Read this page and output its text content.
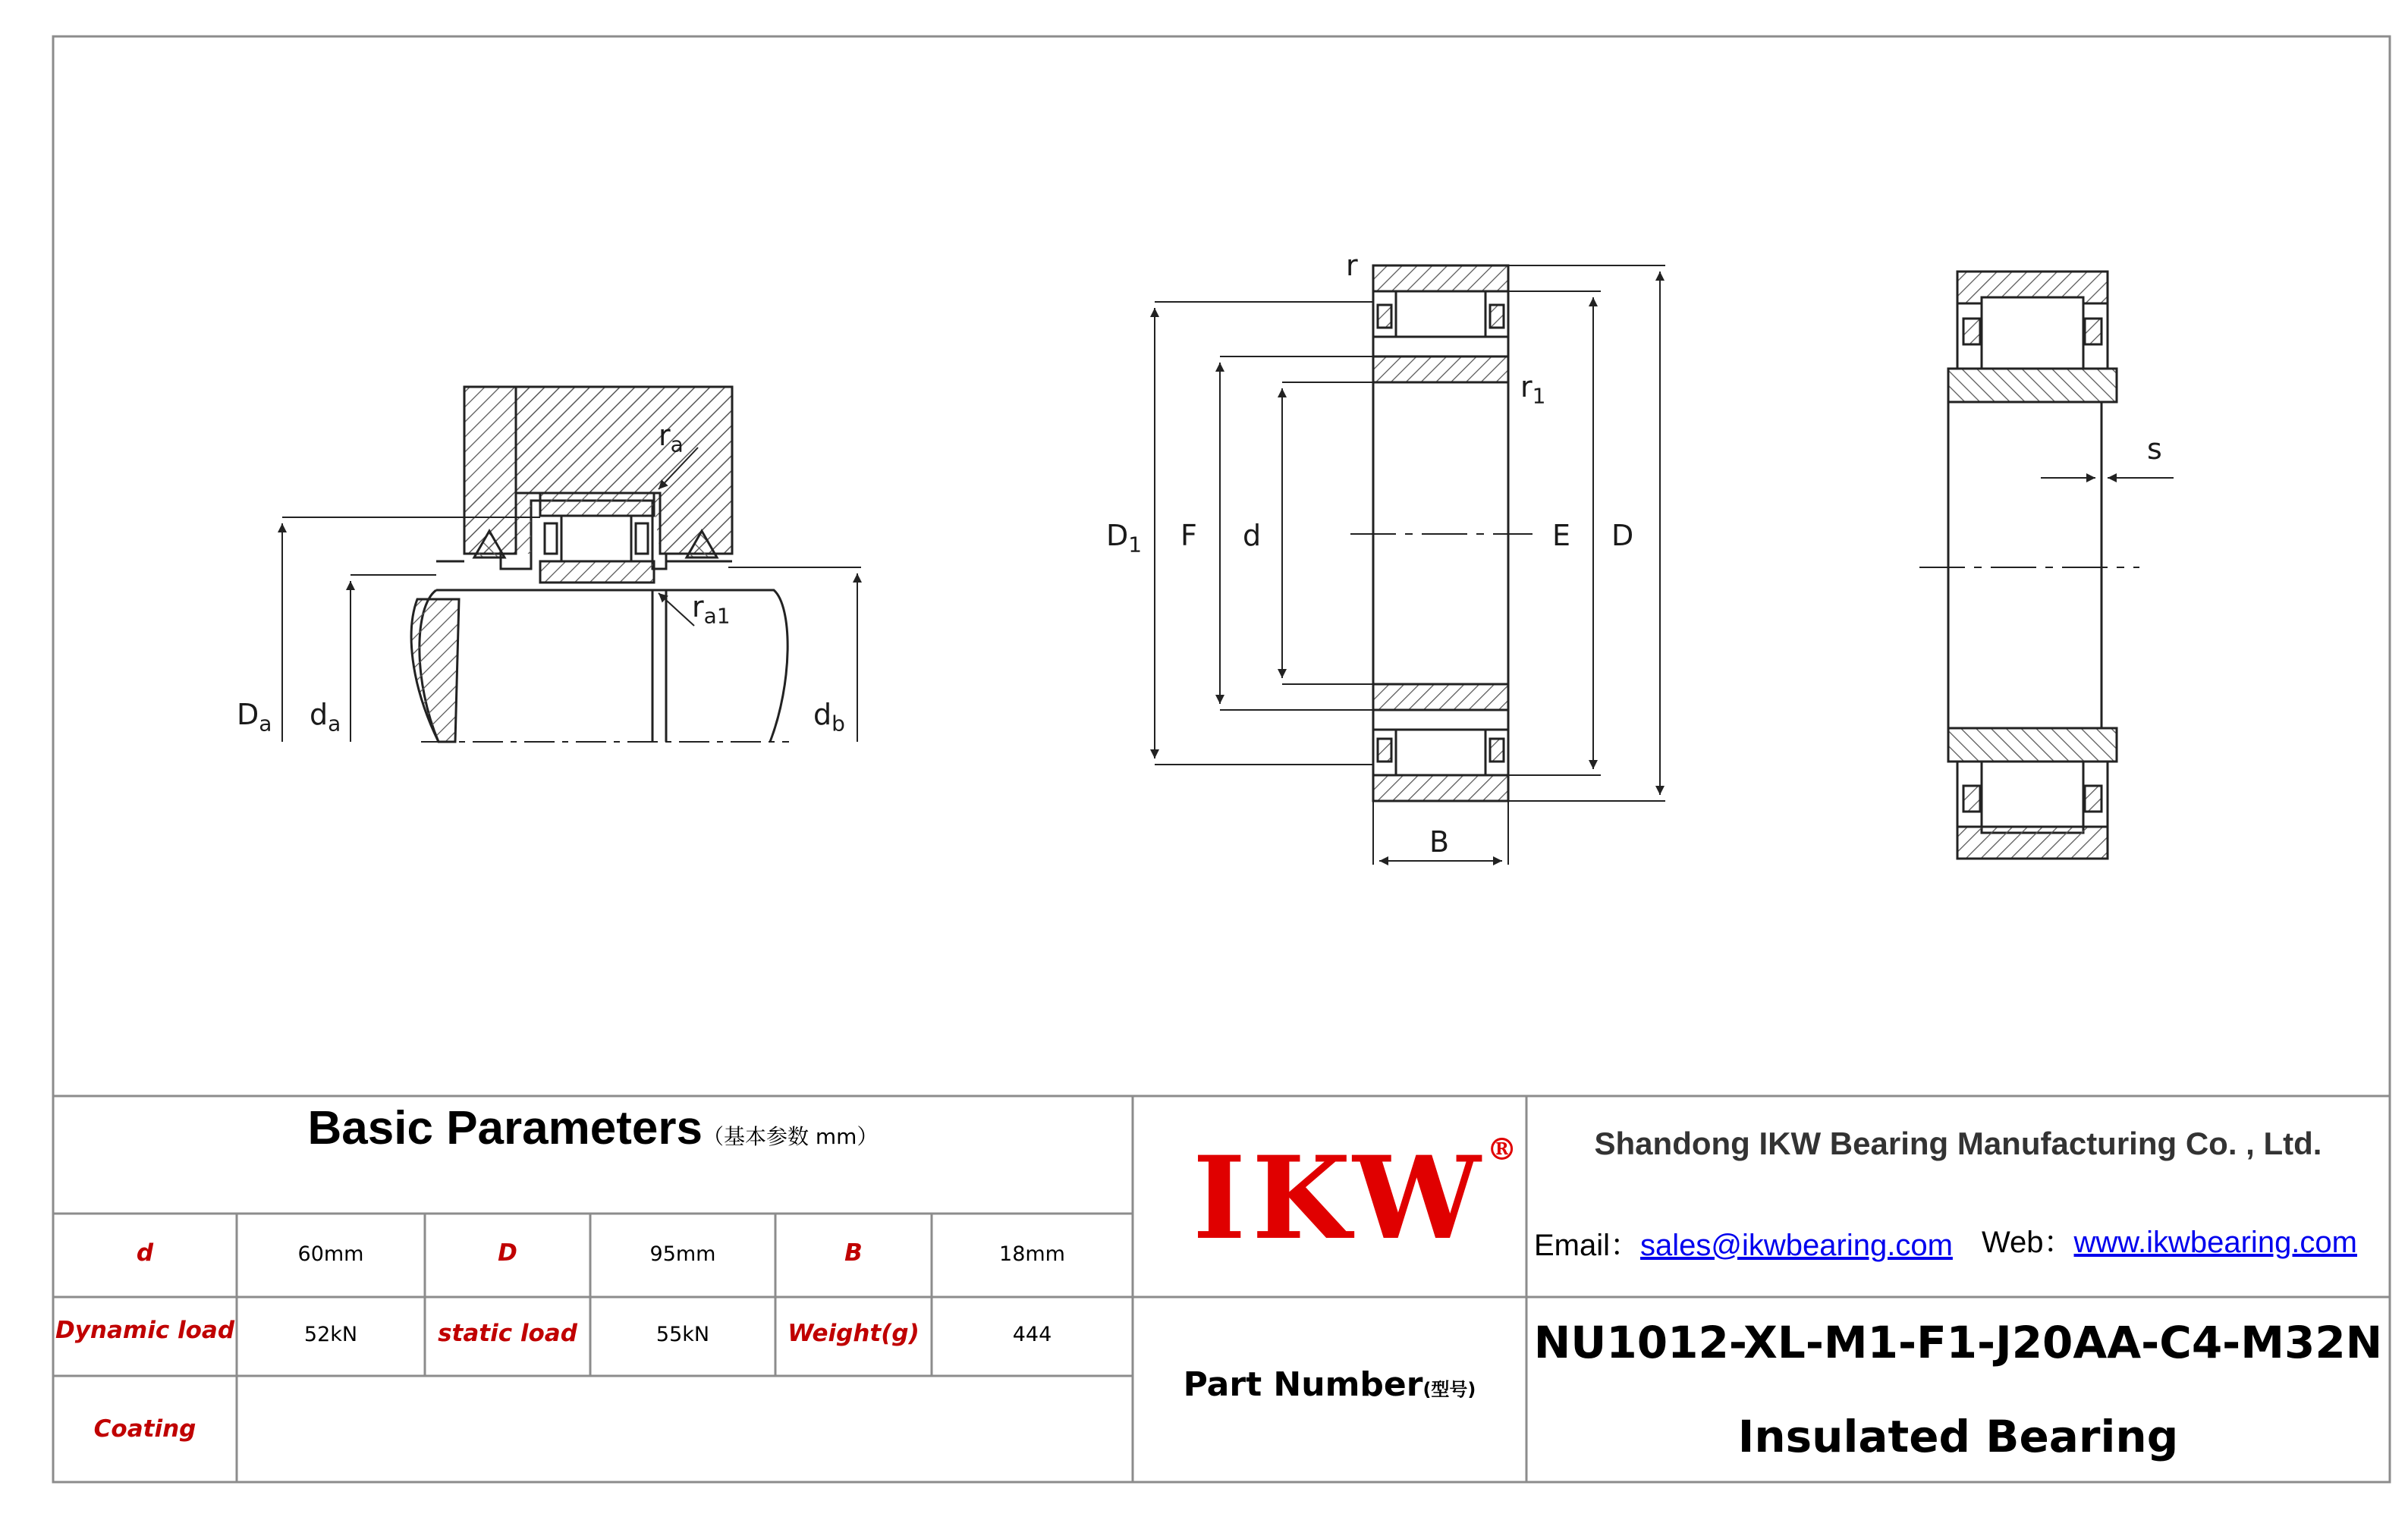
$r_a$
$r_{a1}$
$D_a$ $d_a$	$d_b$
r
$r_1$
$D_1$ F d	E D
B
s
Basic Parameters（基本参数 mm）
d	60mm	D	95mm	B	18mm
Dynamic load	52kN	static load	55kN	Weight(g)	444
Coating
IKW®
Part Number(型号)
Shandong IKW Bearing Manufacturing Co. , Ltd.
Email：sales@ikwbearing.com Web：www.ikwbearing.com
NU1012-XL-M1-F1-J20AA-C4-M32N
Insulated Bearing
